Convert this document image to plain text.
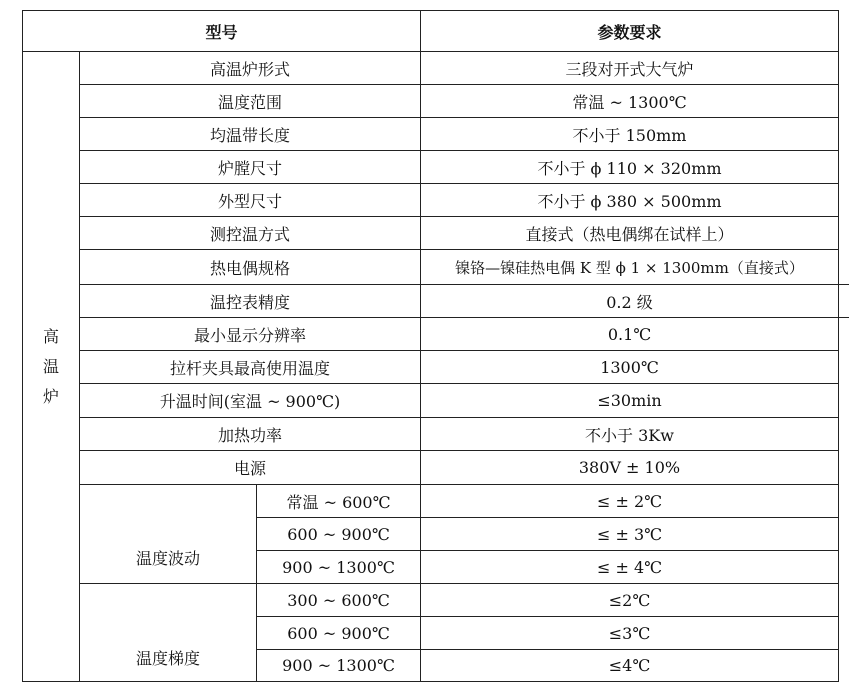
型号	参数要求
高
温
炉
高温炉形式	三段对开式大气炉
温度范围	常温 ~ 1300℃
均温带长度	不小于 150mm
炉膛尺寸	不小于 ϕ 110 × 320mm
外型尺寸	不小于 ϕ 380 × 500mm
测控温方式	直接式（热电偶绑在试样上）
热电偶规格	镍铬—镍硅热电偶 K 型 ϕ 1 × 1300mm（直接式）
温控表精度	0.2 级
最小显示分辨率	0.1℃
拉杆夹具最高使用温度	1300℃
升温时间(室温 ~ 900℃)	≤30min
加热功率	不小于 3Kw
电源	380V ± 10%
温度波动
常温 ~ 600℃	≤ ± 2℃
600 ~ 900℃	≤ ± 3℃
900 ~ 1300℃	≤ ± 4℃
温度梯度
300 ~ 600℃	≤2℃
600 ~ 900℃	≤3℃
900 ~ 1300℃	≤4℃
